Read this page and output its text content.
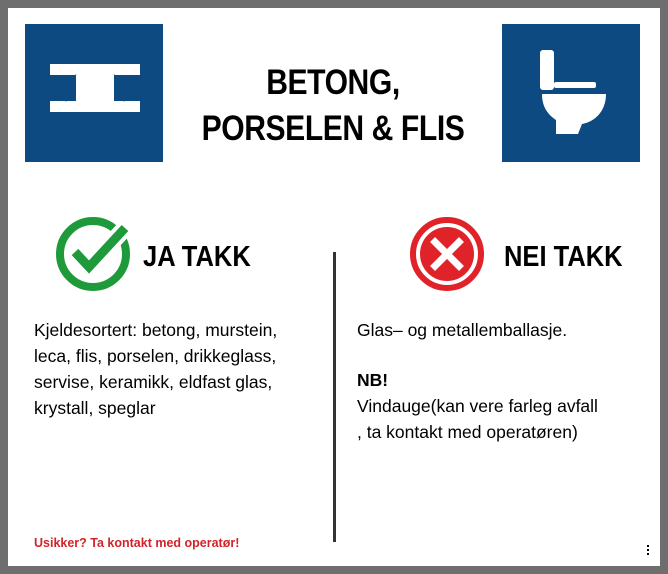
BETONG,
PORSELEN & FLIS
JA TAKK	NEI TAKK
Kjeldesortert: betong, murstein,
leca, flis, porselen, drikkeglass,
servise, keramikk, eldfast glas,
krystall, speglar
Glas– og metallemballasje.
NB!
Vindauge(kan vere farleg avfall
, ta kontakt med operatøren)
Usikker? Ta kontakt med operatør!
